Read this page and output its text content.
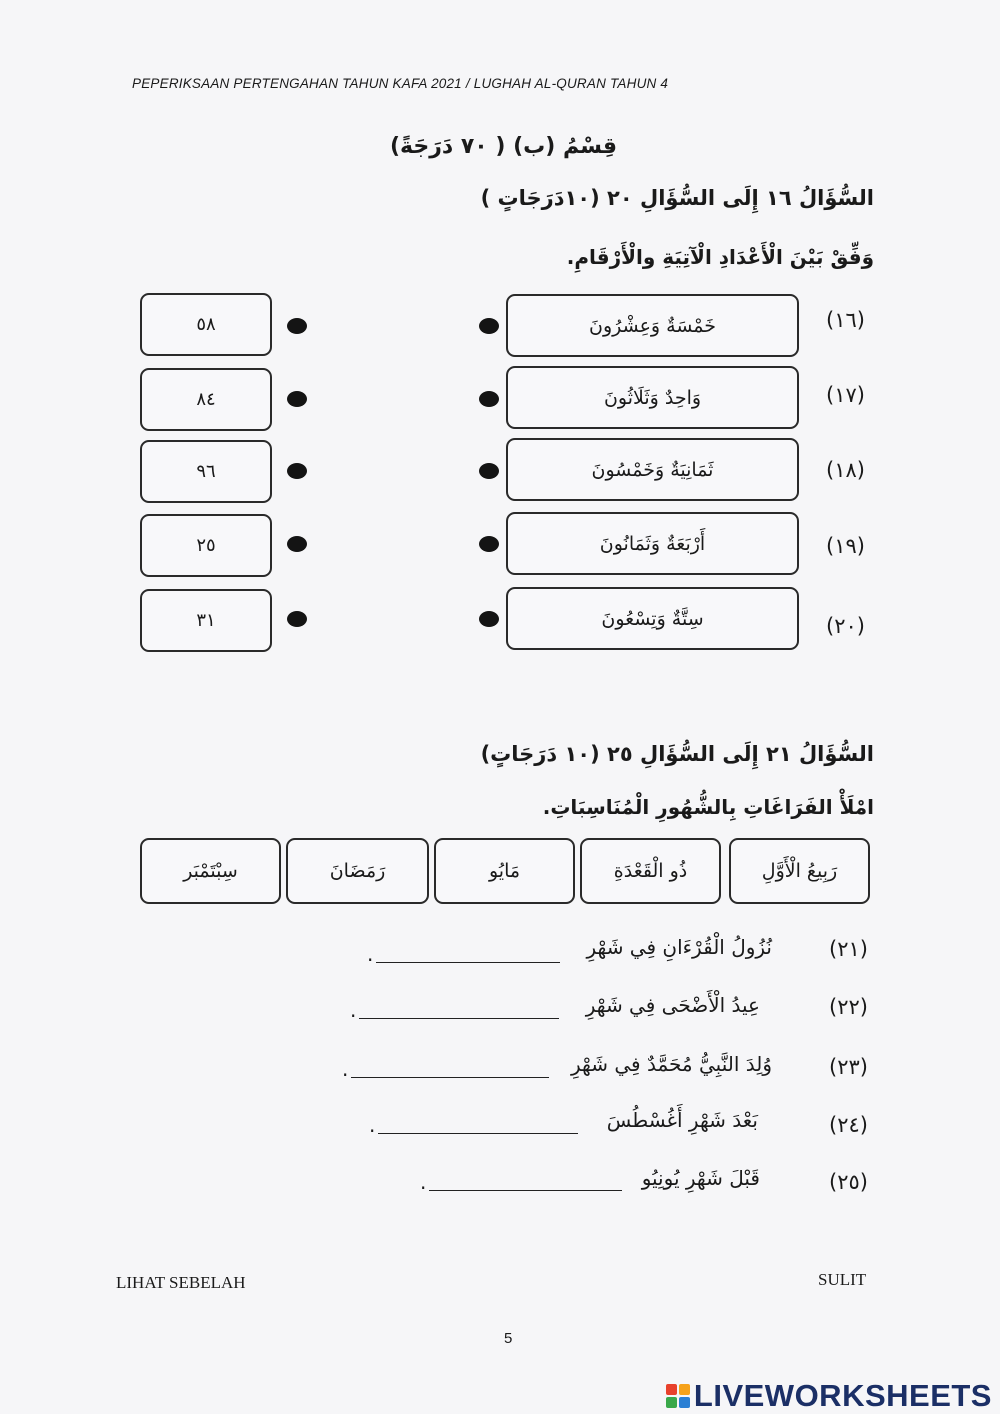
PEPERIKSAAN PERTENGAHAN TAHUN KAFA 2021 / LUGHAH AL-QURAN TAHUN 4
قِسْمُ (ب) ( ٧٠ دَرَجَةً)
السُّؤَالُ ١٦ إِلَى السُّؤَالِ ٢٠ (١٠دَرَجَاتٍ )
وَفِّقْ بَيْنَ الْأَعْدَادِ الْآتِيَةِ والْأَرْقَامِ.
(١٦)
خَمْسَةٌ وَعِشْرُونَ
٥٨
(١٧)
وَاحِدٌ وَثَلَاثُونَ
٨٤
(١٨)
ثَمَانِيَةٌ وَخَمْسُونَ
٩٦
(١٩)
أَرْبَعَةٌ وَثَمَانُونَ
٢٥
(٢٠)
سِتَّةٌ وَتِسْعُونَ
٣١
السُّؤَالُ ٢١ إِلَى السُّؤَالِ ٢٥ (١٠ دَرَجَاتٍ)
امْلَأْ الفَرَاغَاتِ بِالشُّهُورِ الْمُنَاسِبَاتِ.
رَبِيعُ الْأَوَّلِ
ذُو الْقَعْدَةِ
مَايُو
رَمَضَانَ
سِبْتَمْبَر
(٢١)
نُزُولُ الْقُرْءَانِ فِي شَهْرِ
.
(٢٢)
عِيدُ الْأَضْحَى فِي شَهْرِ
.
(٢٣)
وُلِدَ النَّبِيُّ مُحَمَّدٌ فِي شَهْرِ
.
(٢٤)
بَعْدَ شَهْرِ أَغُسْطُسَ
.
(٢٥)
قَبْلَ شَهْرِ يُونِيُو
.
LIHAT SEBELAH	SULIT
5
LIVEWORKSHEETS
